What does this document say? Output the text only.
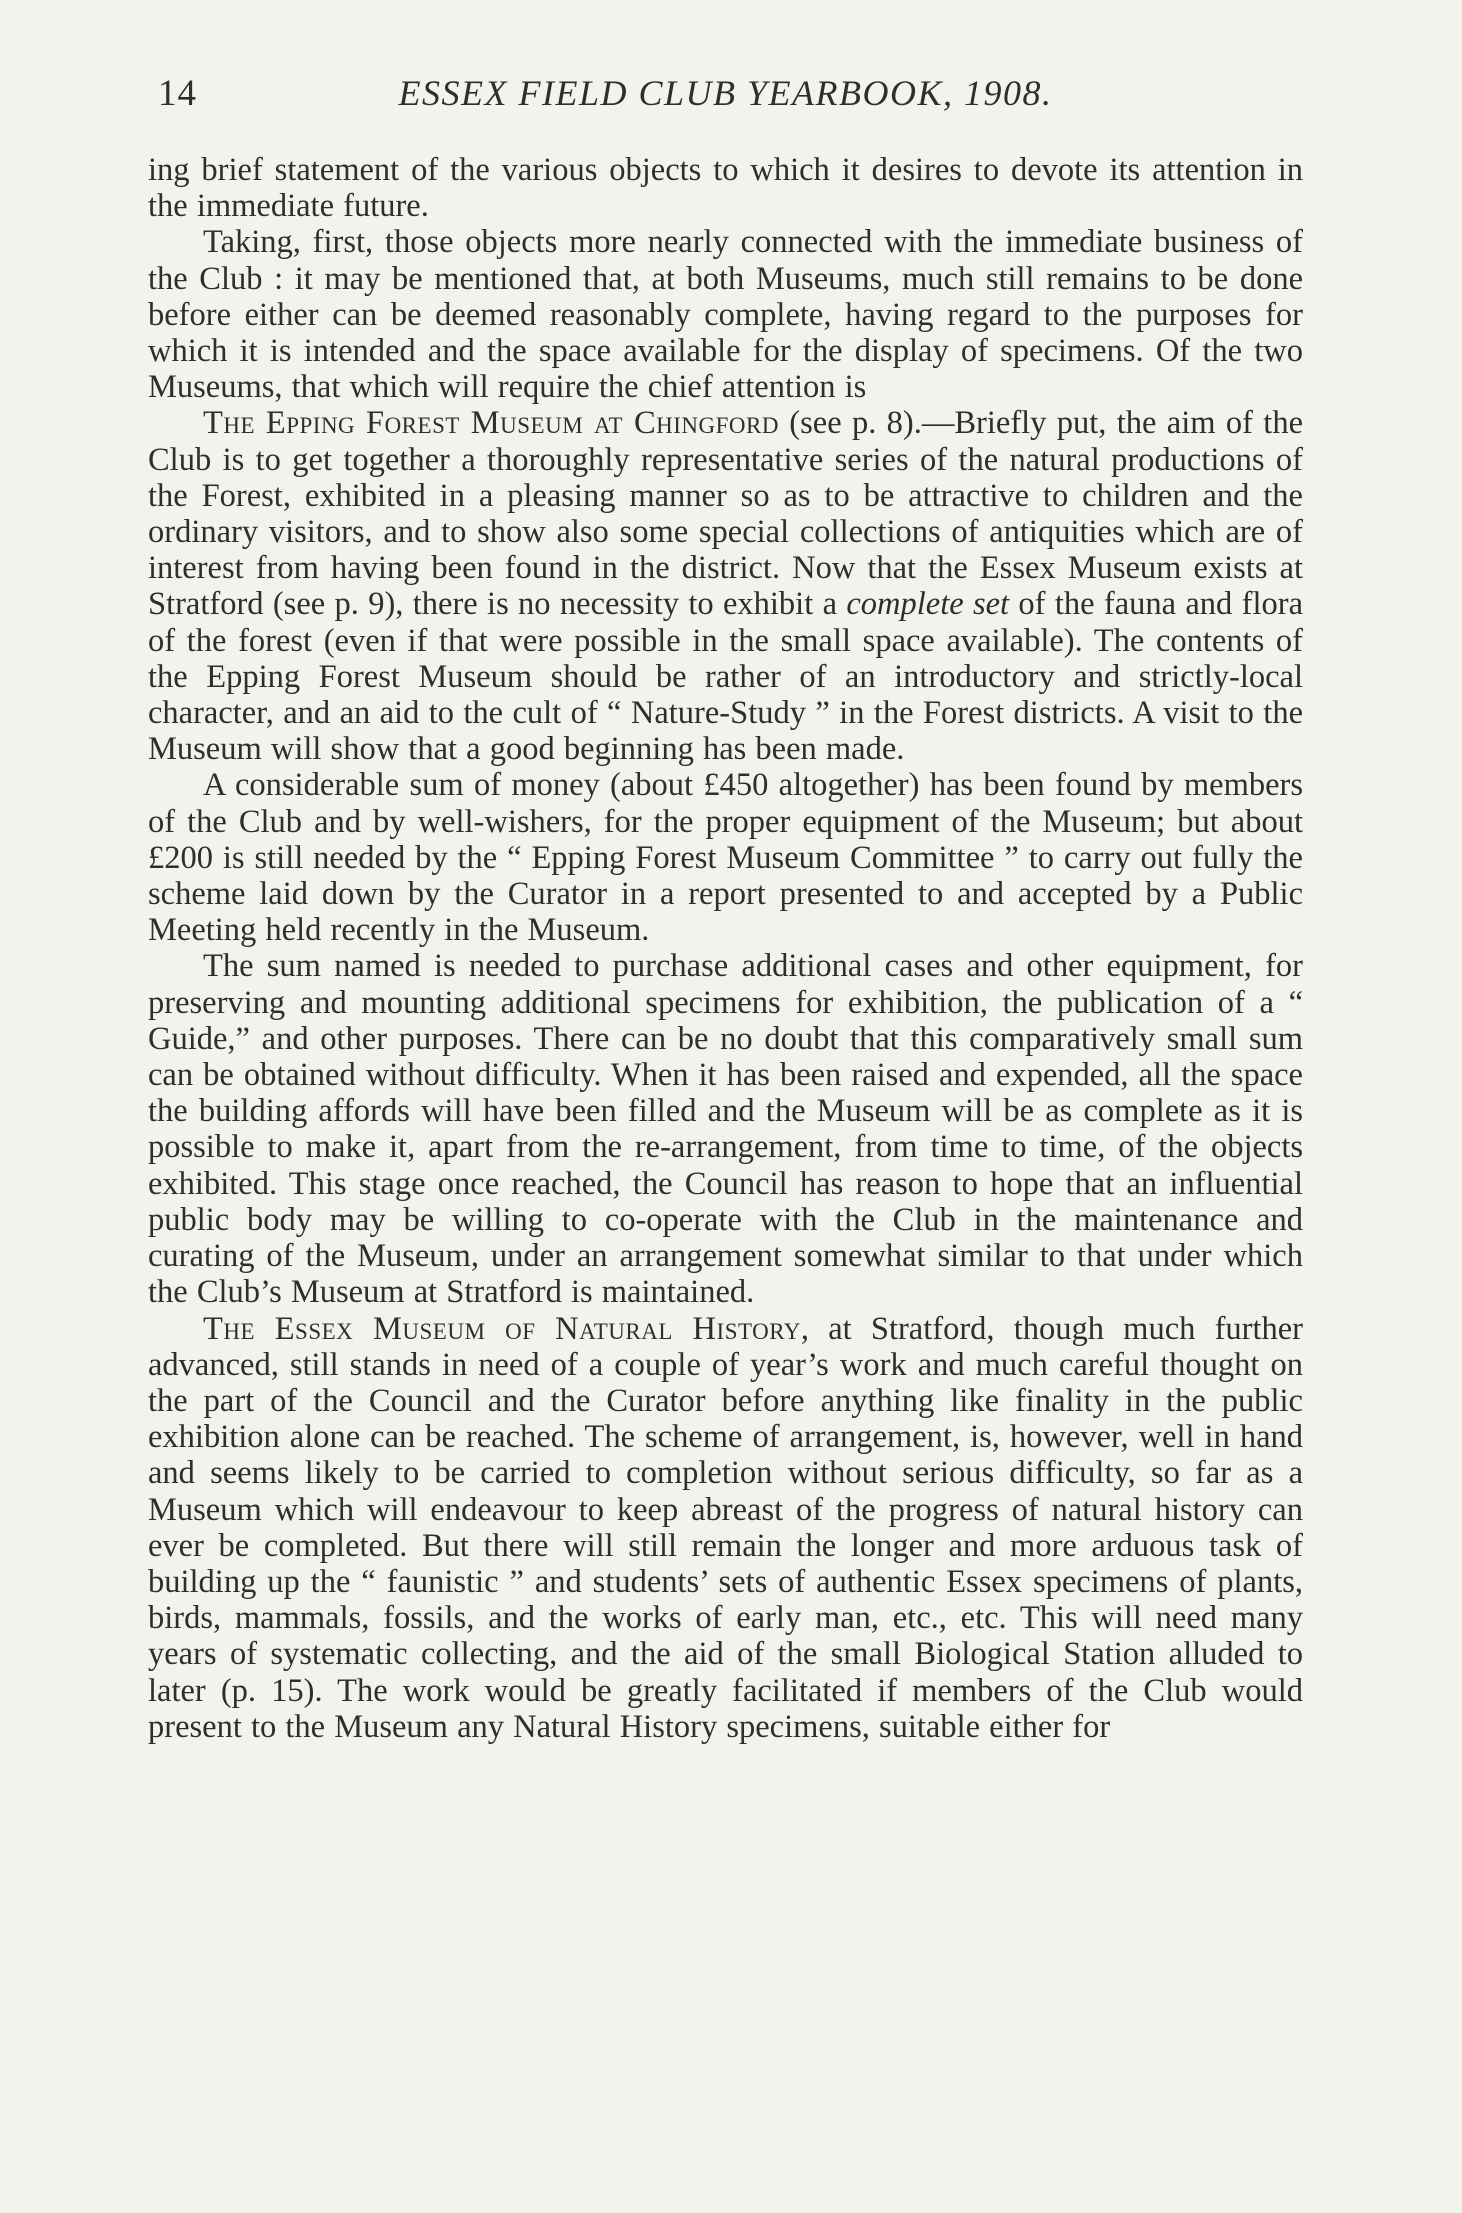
14	ESSEX FIELD CLUB YEARBOOK, 1908.

ing brief statement of the various objects to which it desires to devote its attention in the immediate future.

Taking, first, those objects more nearly connected with the immediate business of the Club : it may be mentioned that, at both Museums, much still remains to be done before either can be deemed reasonably complete, having regard to the purposes for which it is intended and the space available for the display of specimens. Of the two Museums, that which will require the chief attention is

The Epping Forest Museum at Chingford (see p. 8).—Briefly put, the aim of the Club is to get together a thoroughly representative series of the natural productions of the Forest, exhibited in a pleasing manner so as to be attractive to children and the ordinary visitors, and to show also some special collections of antiquities which are of interest from having been found in the district. Now that the Essex Museum exists at Stratford (see p. 9), there is no necessity to exhibit a complete set of the fauna and flora of the forest (even if that were possible in the small space available). The contents of the Epping Forest Museum should be rather of an introductory and strictly-local character, and an aid to the cult of “ Nature-Study ” in the Forest districts. A visit to the Museum will show that a good beginning has been made.

A considerable sum of money (about £450 altogether) has been found by members of the Club and by well-wishers, for the proper equipment of the Museum; but about £200 is still needed by the “ Epping Forest Museum Committee ” to carry out fully the scheme laid down by the Curator in a report presented to and accepted by a Public Meeting held recently in the Museum.

The sum named is needed to purchase additional cases and other equipment, for preserving and mounting additional specimens for exhibition, the publication of a “ Guide,” and other purposes. There can be no doubt that this comparatively small sum can be obtained without difficulty. When it has been raised and expended, all the space the building affords will have been filled and the Museum will be as complete as it is possible to make it, apart from the re-arrangement, from time to time, of the objects exhibited. This stage once reached, the Council has reason to hope that an influential public body may be willing to co-operate with the Club in the maintenance and curating of the Museum, under an arrangement somewhat similar to that under which the Club’s Museum at Stratford is maintained.

The Essex Museum of Natural History, at Stratford, though much further advanced, still stands in need of a couple of year’s work and much careful thought on the part of the Council and the Curator before anything like finality in the public exhibition alone can be reached. The scheme of arrangement, is, however, well in hand and seems likely to be carried to completion without serious difficulty, so far as a Museum which will endeavour to keep abreast of the progress of natural history can ever be completed. But there will still remain the longer and more arduous task of building up the “ faunistic ” and students’ sets of authentic Essex specimens of plants, birds, mammals, fossils, and the works of early man, etc., etc. This will need many years of systematic collecting, and the aid of the small Biological Station alluded to later (p. 15). The work would be greatly facilitated if members of the Club would present to the Museum any Natural History specimens, suitable either for
